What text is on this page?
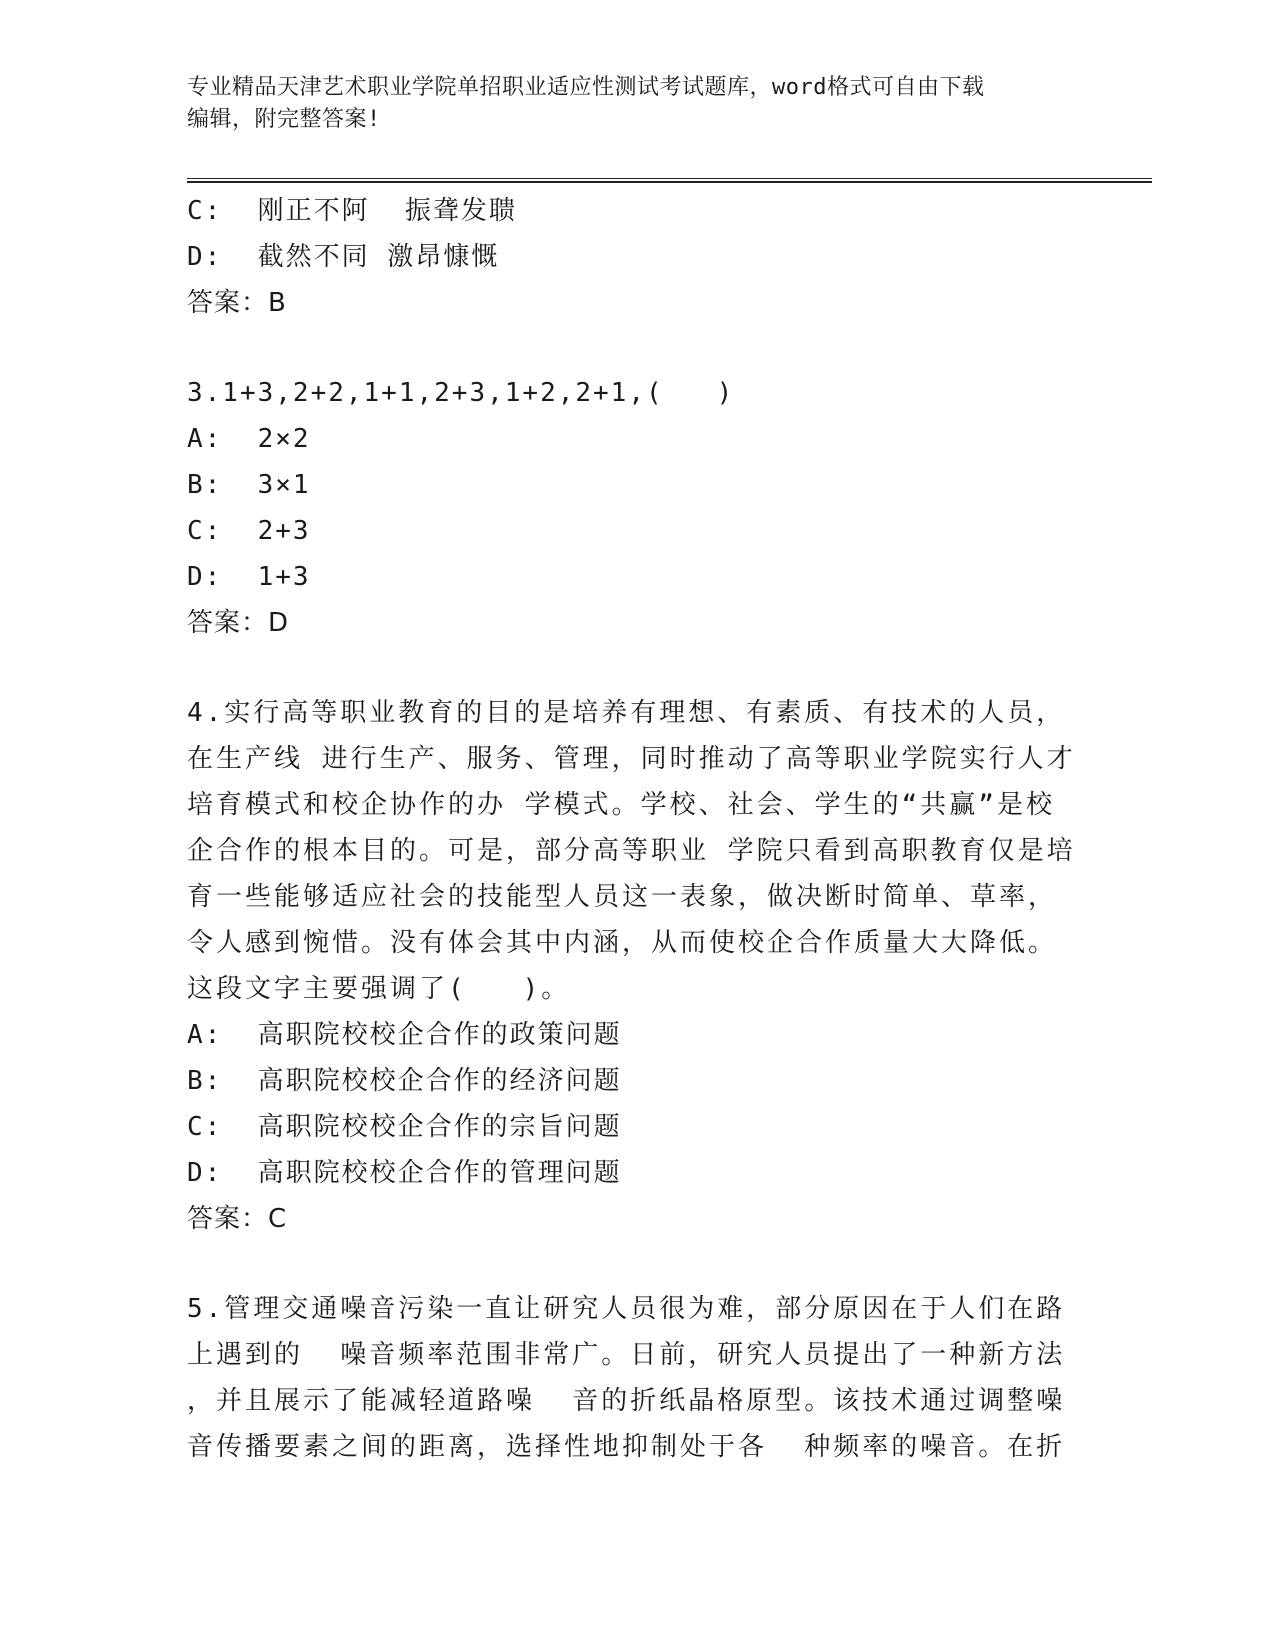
专业精品天津艺术职业学院单招职业适应性测试考试题库，word格式可自由下载
编辑，附完整答案!
C:  刚正不阿  振聋发聩
D:  截然不同 激昂慷慨
答案：B
3.1+3,2+2,1+1,2+3,1+2,2+1,(   )
A:  2×2
B:  3×1
C:  2+3
D:  1+3
答案：D
4.实行高等职业教育的目的是培养有理想、有素质、有技术的人员，
在生产线 进行生产、服务、管理，同时推动了高等职业学院实行人才
培育模式和校企协作的办 学模式。学校、社会、学生的“共赢”是校
企合作的根本目的。可是，部分高等职业 学院只看到高职教育仅是培
育一些能够适应社会的技能型人员这一表象，做决断时简单、草率，
令人感到惋惜。没有体会其中内涵，从而使校企合作质量大大降低。
这段文字主要强调了(   )。
A:  高职院校校企合作的政策问题
B:  高职院校校企合作的经济问题
C:  高职院校校企合作的宗旨问题
D:  高职院校校企合作的管理问题
答案：C
5.管理交通噪音污染一直让研究人员很为难，部分原因在于人们在路
上遇到的  噪音频率范围非常广。日前，研究人员提出了一种新方法
，并且展示了能减轻道路噪  音的折纸晶格原型。该技术通过调整噪
音传播要素之间的距离，选择性地抑制处于各  种频率的噪音。在折
